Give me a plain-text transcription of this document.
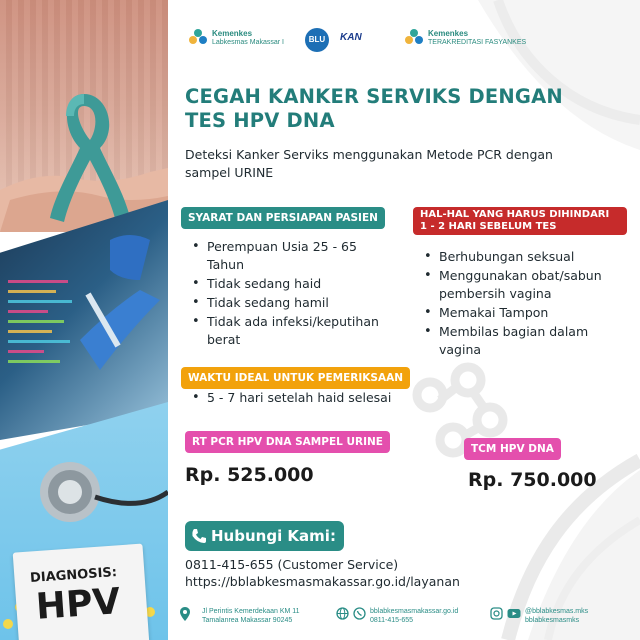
DIAGNOSIS:
HPV
Kemenkes
Labkesmas Makassar I	BLU	KAN	Kemenkes
TERAKREDITASI FASYANKES
CEGAH KANKER SERVIKS DENGAN
TES HPV DNA
Deteksi Kanker Serviks menggunakan Metode PCR dengan
sampel URINE
SYARAT DAN PERSIAPAN PASIEN
• Perempuan Usia 25 - 65 Tahun
• Tidak sedang haid
• Tidak sedang hamil
• Tidak ada infeksi/keputihan berat
HAL-HAL YANG HARUS DIHINDARI
1 - 2 HARI SEBELUM TES
• Berhubungan seksual
• Menggunakan obat/sabun pembersih vagina
• Memakai Tampon
• Membilas bagian dalam vagina
WAKTU IDEAL UNTUK PEMERIKSAAN
• 5 - 7 hari setelah haid selesai
RT PCR HPV DNA SAMPEL URINE
Rp. 525.000
TCM HPV DNA
Rp. 750.000
Hubungi Kami:
0811-415-655 (Customer Service)
https://bblabkesmasmakassar.go.id/layanan
Jl Perintis Kemerdekaan KM 11
Tamalanrea Makassar 90245
bblabkesmasmakassar.go.id
0811-415-655
@bblabkesmas.mks
bblabkesmasmks
